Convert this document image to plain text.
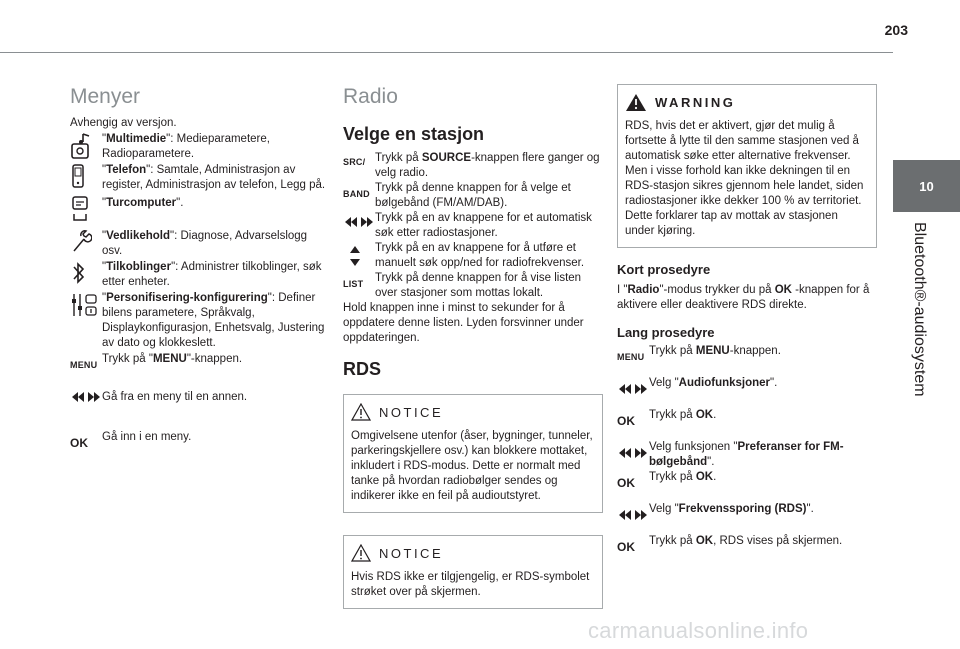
203
10
Bluetooth®-audiosystem
Menyer

Avhengig av versjon.

"Multimedie": Medieparametere, Radioparametere.

"Telefon": Samtale, Administrasjon av register, Administrasjon av telefon, Legg på.

"Turcomputer".

"Vedlikehold": Diagnose, Advarselslogg osv.

"Tilkoblinger": Administrer tilkoblinger, søk etter enheter.

"Personifisering-konfigurering": Definer bilens parametere, Språkvalg, Displaykonfigurasjon, Enhetsvalg, Justering av dato og klokkeslett.

MENU Trykk på "MENU"-knappen.

Gå fra en meny til en annen.

OK Gå inn i en meny.

Radio
Velge en stasjon
SRC/ Trykk på SOURCE-knappen flere ganger og velg radio.

BAND Trykk på denne knappen for å velge et bølgebånd (FM/AM/DAB).

Trykk på en av knappene for et automatisk søk etter radiostasjoner.

Trykk på en av knappene for å utføre et manuelt søk opp/ned for radiofrekvenser.

LIST Trykk på denne knappen for å vise listen over stasjoner som mottas lokalt.

Hold knappen inne i minst to sekunder for å oppdatere denne listen. Lyden forsvinner under oppdateringen.

RDS
NOTICE

Omgivelsene utenfor (åser, bygninger, tunneler, parkeringskjellere osv.) kan blokkere mottaket, inkludert i RDS-modus. Dette er normalt med tanke på hvordan radiobølger sendes og indikerer ikke en feil på audioutstyret.

NOTICE

Hvis RDS ikke er tilgjengelig, er RDS-symbolet strøket over på skjermen.

WARNING

RDS, hvis det er aktivert, gjør det mulig å fortsette å lytte til den samme stasjonen ved å automatisk søke etter alternative frekvenser. Men i visse forhold kan ikke dekningen til en RDS-stasjon sikres gjennom hele landet, siden radiostasjoner ikke dekker 100 % av territoriet. Dette forklarer tap av mottak av stasjonen under kjøring.

Kort prosedyre

I "Radio"-modus trykker du på OK -knappen for å aktivere eller deaktivere RDS direkte.

Lang prosedyre
MENU Trykk på MENU-knappen.

Velg "Audiofunksjoner".

OK Trykk på OK.

Velg funksjonen "Preferanser for FM-bølgebånd".

OK Trykk på OK.

Velg "Frekvenssporing (RDS)".

OK Trykk på OK, RDS vises på skjermen.

carmanualsonline.info
